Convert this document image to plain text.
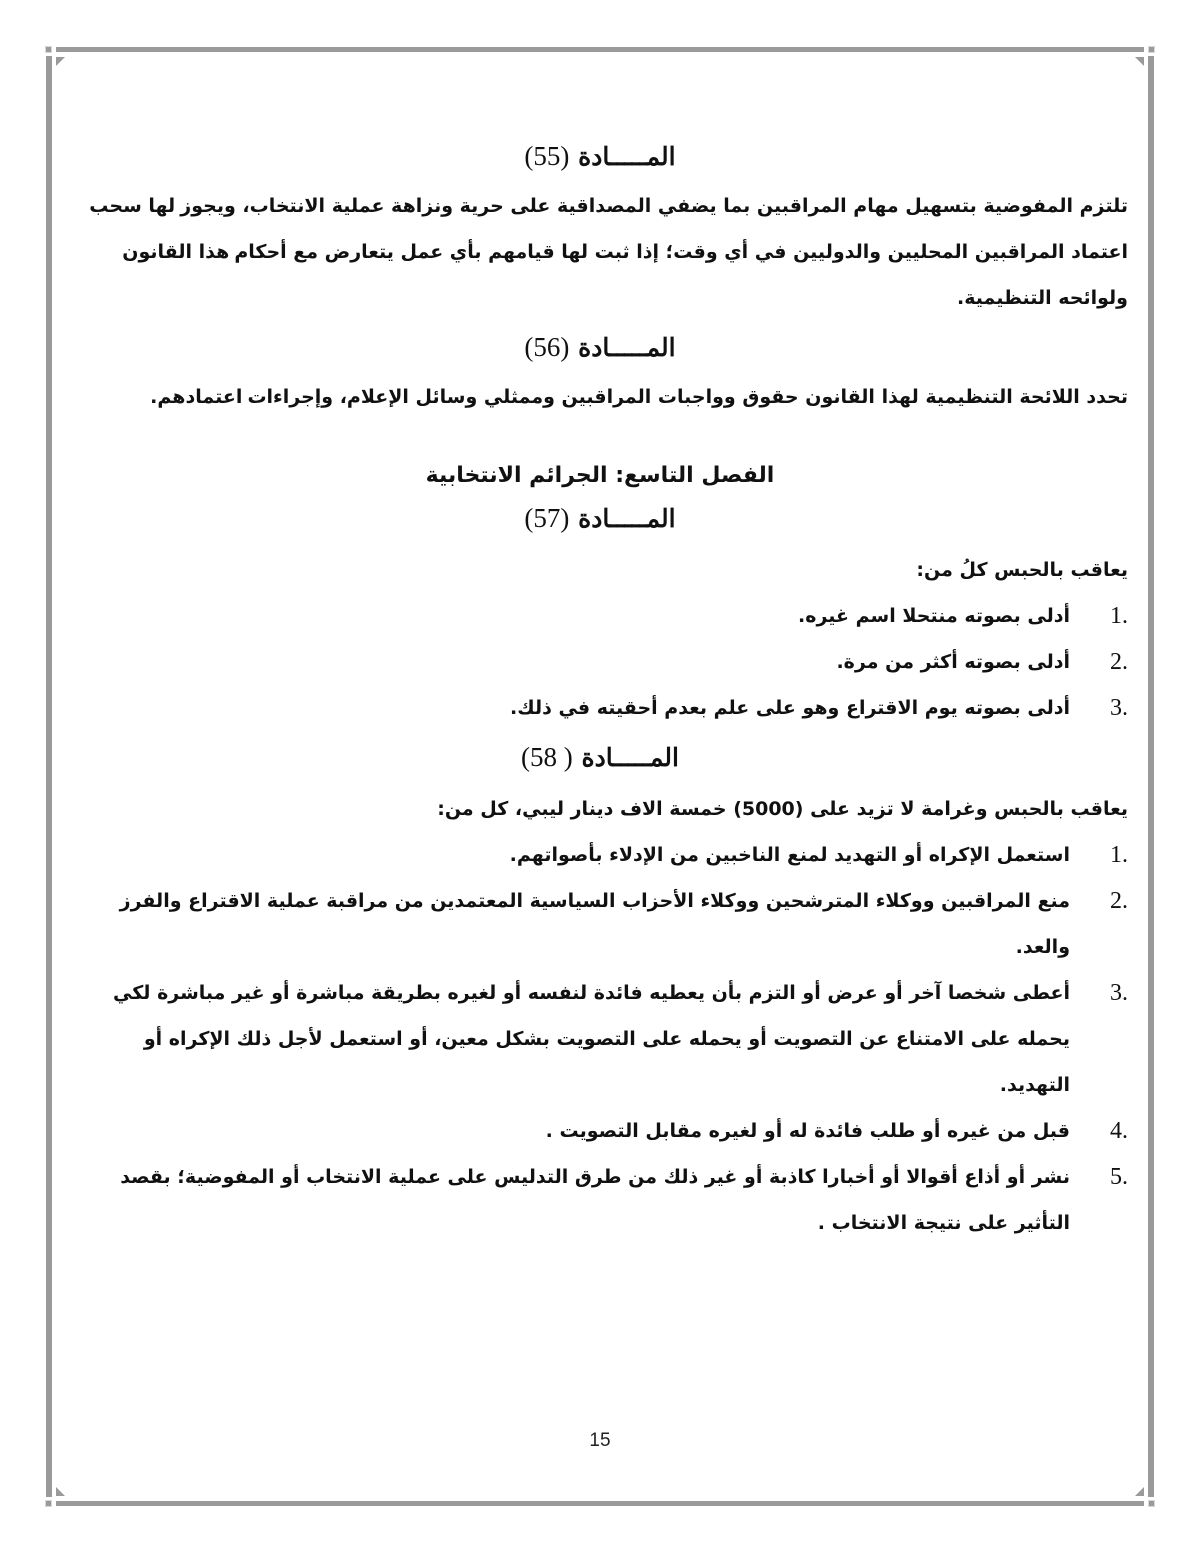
المـــــادة (55)
تلتزم المفوضية بتسهيل مهام المراقبين بما يضفي المصداقية على حرية ونزاهة عملية الانتخاب، ويجوز لها سحب اعتماد المراقبين المحليين والدوليين في أي وقت؛ إذا ثبت لها قيامهم بأي عمل يتعارض مع أحكام هذا القانون ولوائحه التنظيمية.
المـــــادة (56)
تحدد اللائحة التنظيمية لهذا القانون حقوق وواجبات المراقبين وممثلي وسائل الإعلام، وإجراءات اعتمادهم.
الفصل التاسع: الجرائم الانتخابية
المـــــادة (57)
يعاقب بالحبس كلُ من:
1.
أدلى بصوته منتحلا اسم غيره.
2.
أدلى بصوته أكثر من مرة.
3.
أدلى بصوته يوم الاقتراع وهو على علم بعدم أحقيته في ذلك.
المـــــادة ( 58)
يعاقب بالحبس وغرامة لا تزيد على (5000) خمسة الاف دينار ليبي، كل من:
1.
استعمل الإكراه أو التهديد لمنع الناخبين من الإدلاء بأصواتهم.
2.
منع المراقبين ووكلاء المترشحين ووكلاء الأحزاب السياسية المعتمدين من مراقبة عملية الاقتراع والفرز والعد.
3.
أعطى شخصا آخر أو عرض أو التزم بأن يعطيه فائدة لنفسه أو لغيره بطريقة مباشرة أو غير مباشرة لكي يحمله على الامتناع عن التصويت أو يحمله على التصويت بشكل معين، أو استعمل لأجل ذلك الإكراه أو التهديد.
4.
قبل من غيره أو طلب فائدة له أو لغيره مقابل التصويت .
5.
نشر أو أذاع أقوالا أو أخبارا كاذبة أو غير ذلك من طرق التدليس على عملية الانتخاب أو المفوضية؛ بقصد التأثير على نتيجة الانتخاب .
15
